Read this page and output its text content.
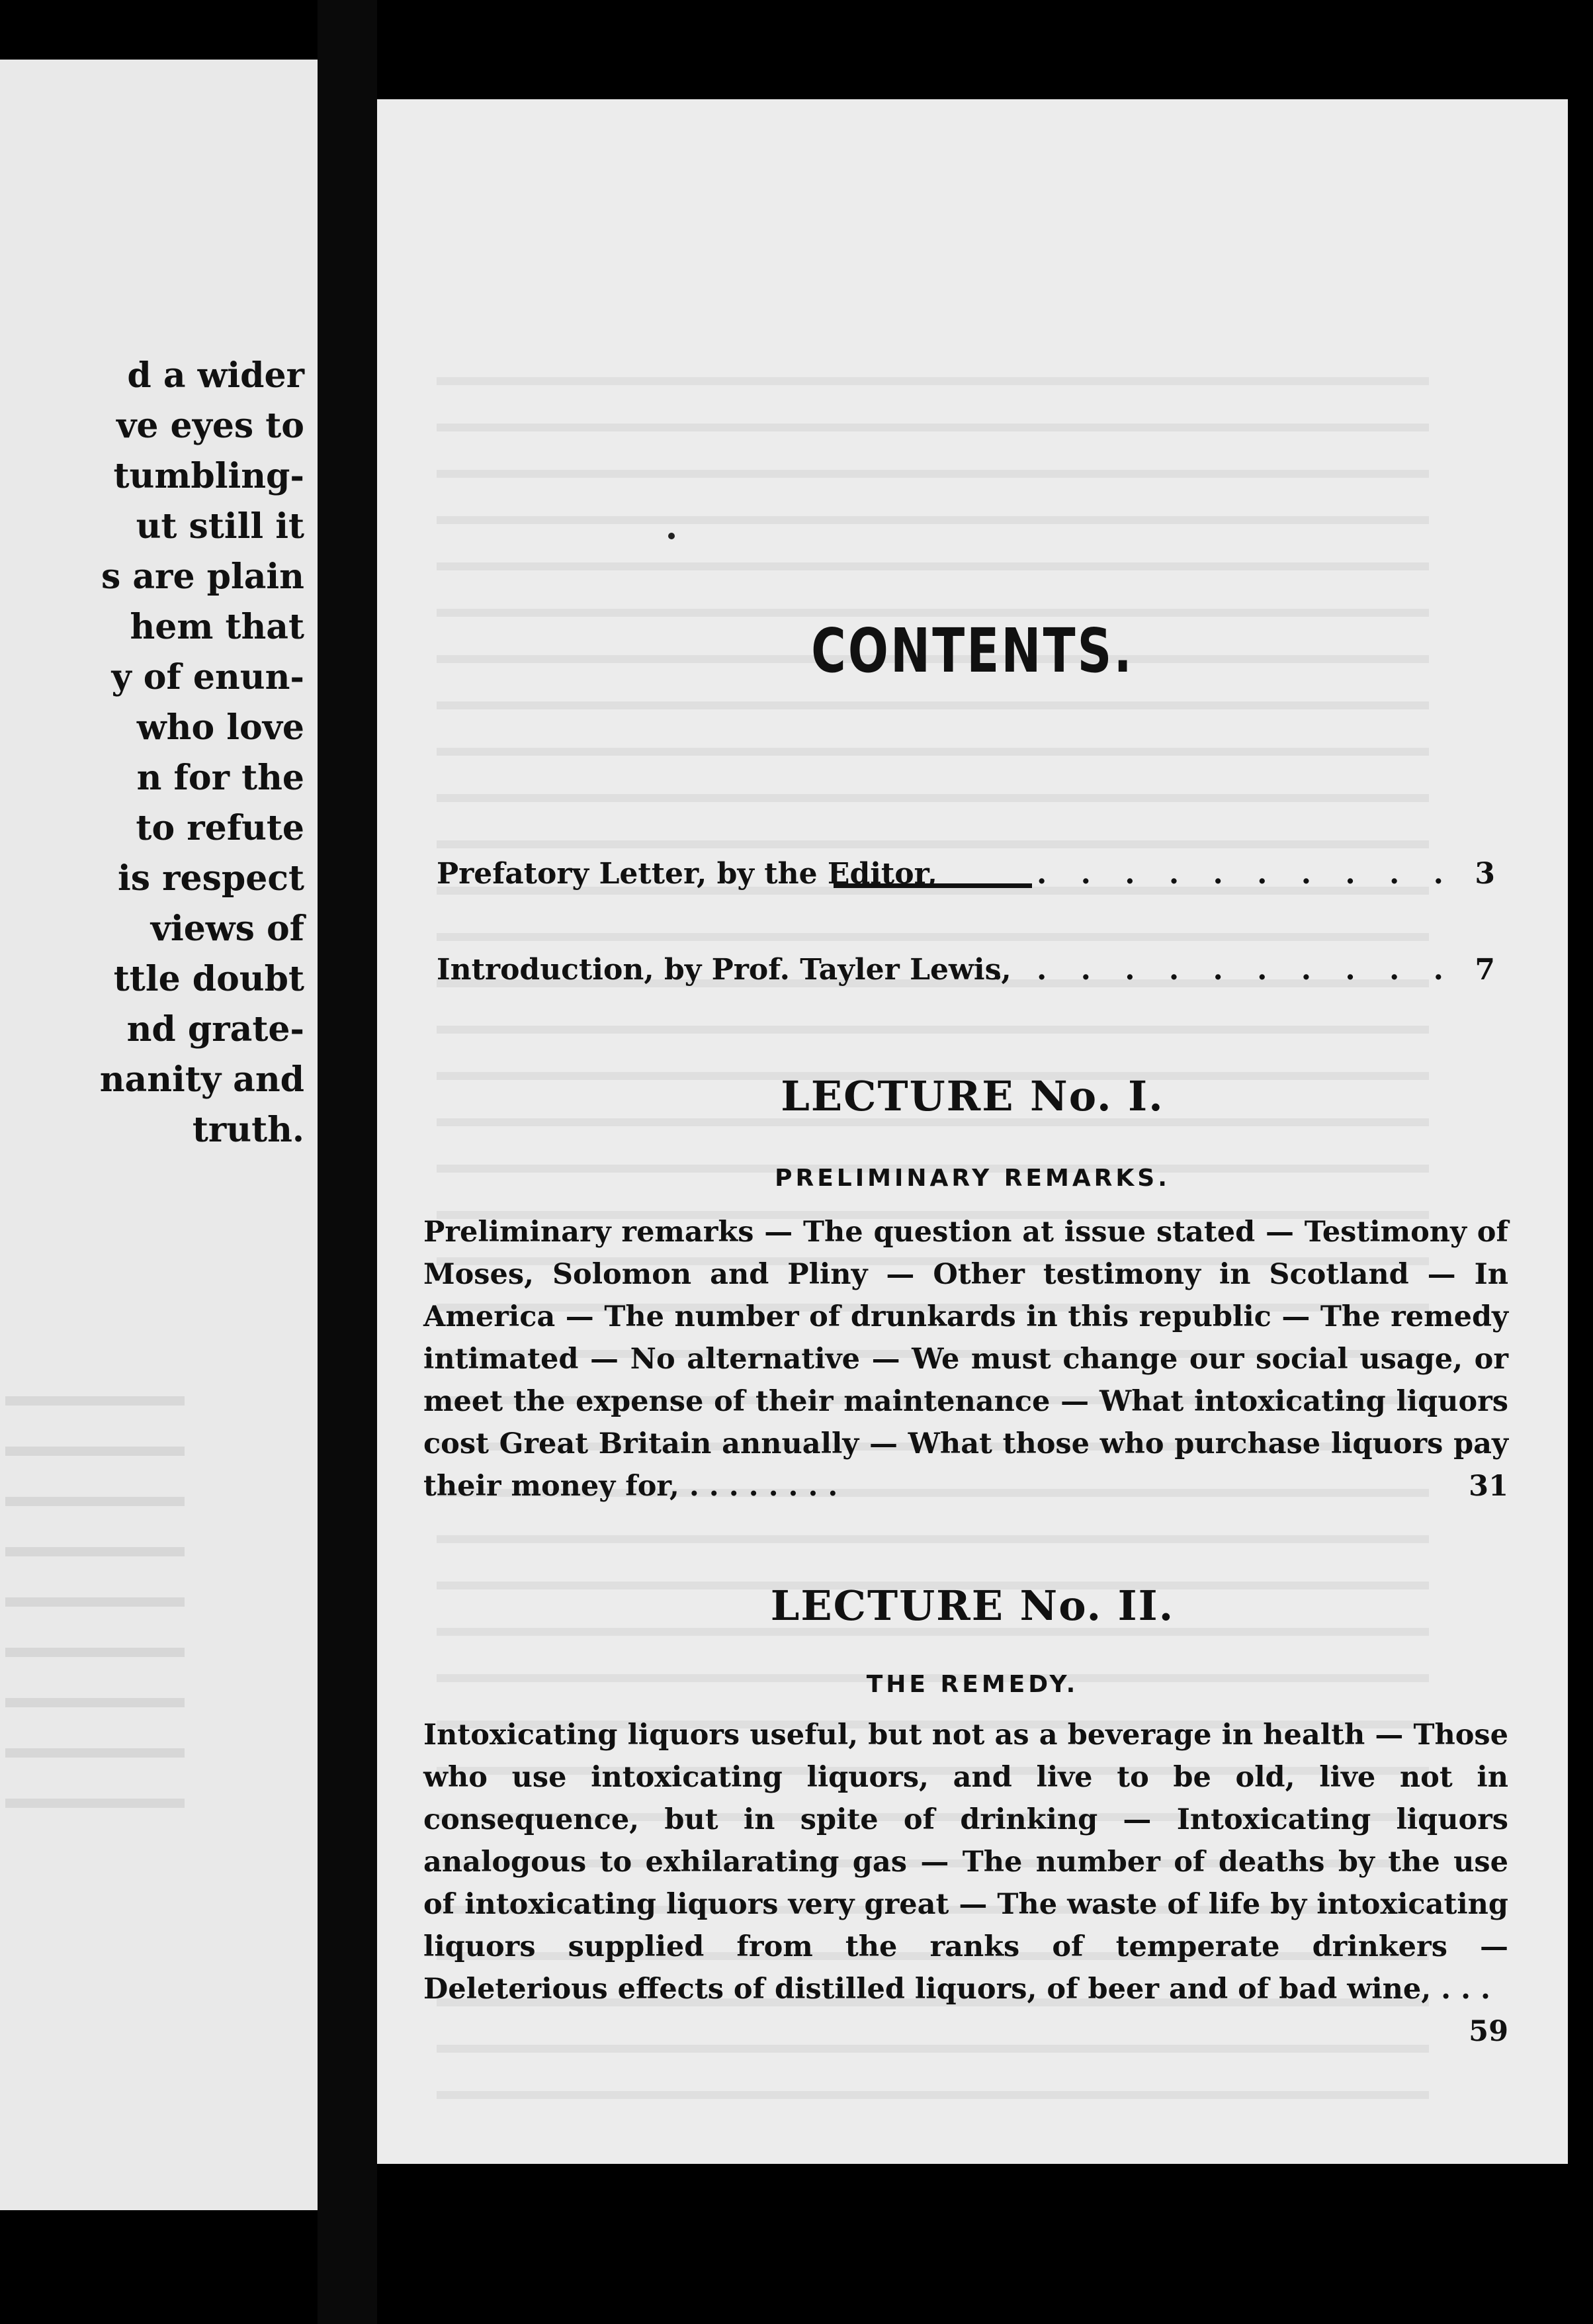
d a wider
ve eyes to
tumbling-
ut still it
s are plain
hem that
y of enun-
who love
n for the
to refute
is respect
views of
ttle doubt
nd grate-
nanity and
truth.
CONTENTS.
Prefatory Letter, by the Editor,	. . . . . . . . . . 3
Introduction, by Prof. Tayler Lewis,
. . . . . . . . . . . 7
LECTURE No. I.
PRELIMINARY REMARKS.
Preliminary remarks — The question at issue stated — Testimony of Moses, Solomon and Pliny — Other testimony in Scotland — In America — The number of drunkards in this republic — The remedy intimated — No alternative — We must change our social usage, or meet the expense of their maintenance — What intoxicating liquors cost Great Britain annually — What those who purchase liquors pay their money for, . . . . . . . .	31
LECTURE No. II.
THE REMEDY.
Intoxicating liquors useful, but not as a beverage in health — Those who use intoxicating liquors, and live to be old, live not in consequence, but in spite of drinking — Intoxicating liquors analogous to exhilarating gas — The number of deaths by the use of intoxicating liquors very great — The waste of life by intoxicating liquors supplied from the ranks of temperate drinkers — Deleterious effects of distilled liquors, of beer and of bad wine, . . .
59
